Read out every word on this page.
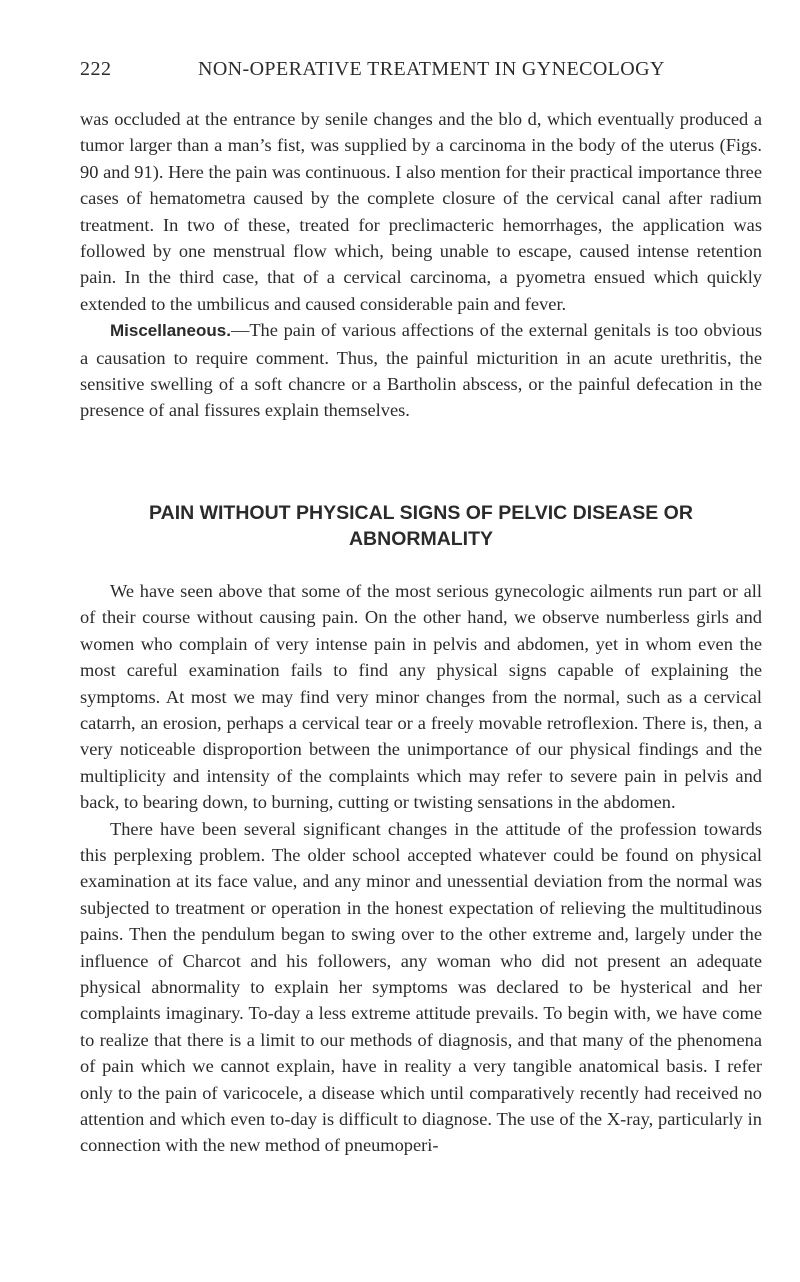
222	NON-OPERATIVE TREATMENT IN GYNECOLOGY

was occluded at the entrance by senile changes and the blo d, which eventually produced a tumor larger than a man’s fist, was supplied by a carcinoma in the body of the uterus (Figs. 90 and 91). Here the pain was continuous. I also mention for their practical importance three cases of hematometra caused by the complete closure of the cervical canal after radium treatment. In two of these, treated for preclimacteric hemorrhages, the application was followed by one menstrual flow which, being unable to escape, caused intense retention pain. In the third case, that of a cervical carcinoma, a pyometra ensued which quickly extended to the umbilicus and caused considerable pain and fever.

Miscellaneous.—The pain of various affections of the external genitals is too obvious a causation to require comment. Thus, the painful micturition in an acute urethritis, the sensitive swelling of a soft chancre or a Bartholin abscess, or the painful defecation in the presence of anal fissures explain themselves.

PAIN WITHOUT PHYSICAL SIGNS OF PELVIC DISEASE OR
ABNORMALITY

We have seen above that some of the most serious gynecologic ailments run part or all of their course without causing pain. On the other hand, we observe numberless girls and women who complain of very intense pain in pelvis and abdomen, yet in whom even the most careful examination fails to find any physical signs capable of explaining the symptoms. At most we may find very minor changes from the normal, such as a cervical catarrh, an erosion, perhaps a cervical tear or a freely movable retroflexion. There is, then, a very noticeable disproportion between the unimportance of our physical findings and the multiplicity and intensity of the complaints which may refer to severe pain in pelvis and back, to bearing down, to burning, cutting or twisting sensations in the abdomen.

There have been several significant changes in the attitude of the profession towards this perplexing problem. The older school accepted whatever could be found on physical examination at its face value, and any minor and unessential deviation from the normal was subjected to treatment or operation in the honest expectation of relieving the multitudinous pains. Then the pendulum began to swing over to the other extreme and, largely under the influence of Charcot and his followers, any woman who did not present an adequate physical abnormality to explain her symptoms was declared to be hysterical and her complaints imaginary. To-day a less extreme attitude prevails. To begin with, we have come to realize that there is a limit to our methods of diagnosis, and that many of the phenomena of pain which we cannot explain, have in reality a very tangible anatomical basis. I refer only to the pain of varicocele, a disease which until comparatively recently had received no attention and which even to-day is difficult to diagnose. The use of the X-ray, particularly in connection with the new method of pneumoperi-
